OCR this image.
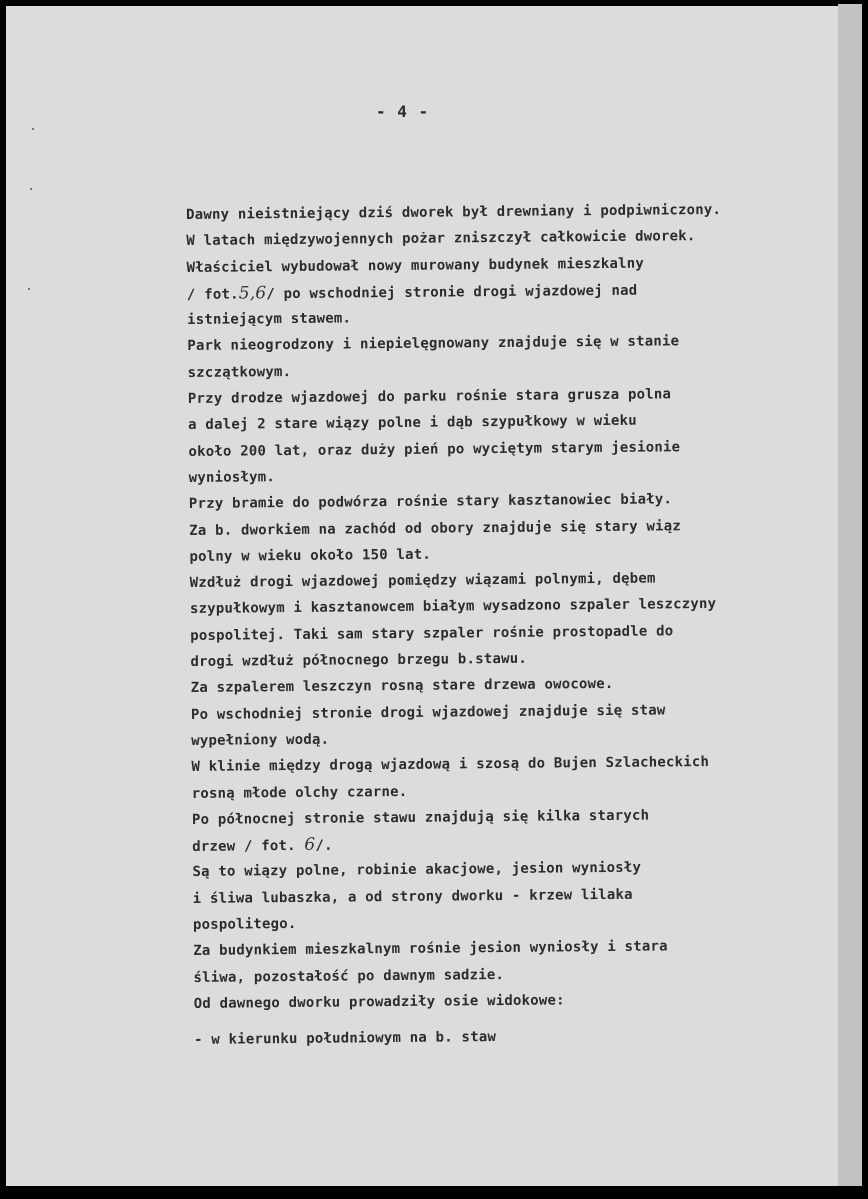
- 4 -
Dawny nieistniejący dziś dworek był drewniany i podpiwniczony.
W latach międzywojennych pożar zniszczył całkowicie dworek.
Właściciel wybudował nowy murowany budynek mieszkalny
/ fot.5,6/ po wschodniej stronie drogi wjazdowej nad
istniejącym stawem.
Park nieogrodzony i niepielęgnowany znajduje się w stanie
szczątkowym.
Przy drodze wjazdowej do parku rośnie stara grusza polna
a dalej 2 stare wiązy polne i dąb szypułkowy w wieku
około 200 lat, oraz duży pień po wyciętym starym jesionie
wyniosłym.
Przy bramie do podwórza rośnie stary kasztanowiec biały.
Za b. dworkiem na zachód od obory znajduje się stary wiąz
polny w wieku około 150 lat.
Wzdłuż drogi wjazdowej pomiędzy wiązami polnymi, dębem
szypułkowym i kasztanowcem białym wysadzono szpaler leszczyny
pospolitej. Taki sam stary szpaler rośnie prostopadle do
drogi wzdłuż północnego brzegu b.stawu.
Za szpalerem leszczyn rosną stare drzewa owocowe.
Po wschodniej stronie drogi wjazdowej znajduje się staw
wypełniony wodą.
W klinie między drogą wjazdową i szosą do Bujen Szlacheckich
rosną młode olchy czarne.
Po północnej stronie stawu znajdują się kilka starych
drzew / fot. 6/.
Są to wiązy polne, robinie akacjowe, jesion wyniosły
i śliwa lubaszka, a od strony dworku - krzew lilaka
pospolitego.
Za budynkiem mieszkalnym rośnie jesion wyniosły i stara
śliwa, pozostałość po dawnym sadzie.
Od dawnego dworku prowadziły osie widokowe:
- w kierunku południowym na b. staw
